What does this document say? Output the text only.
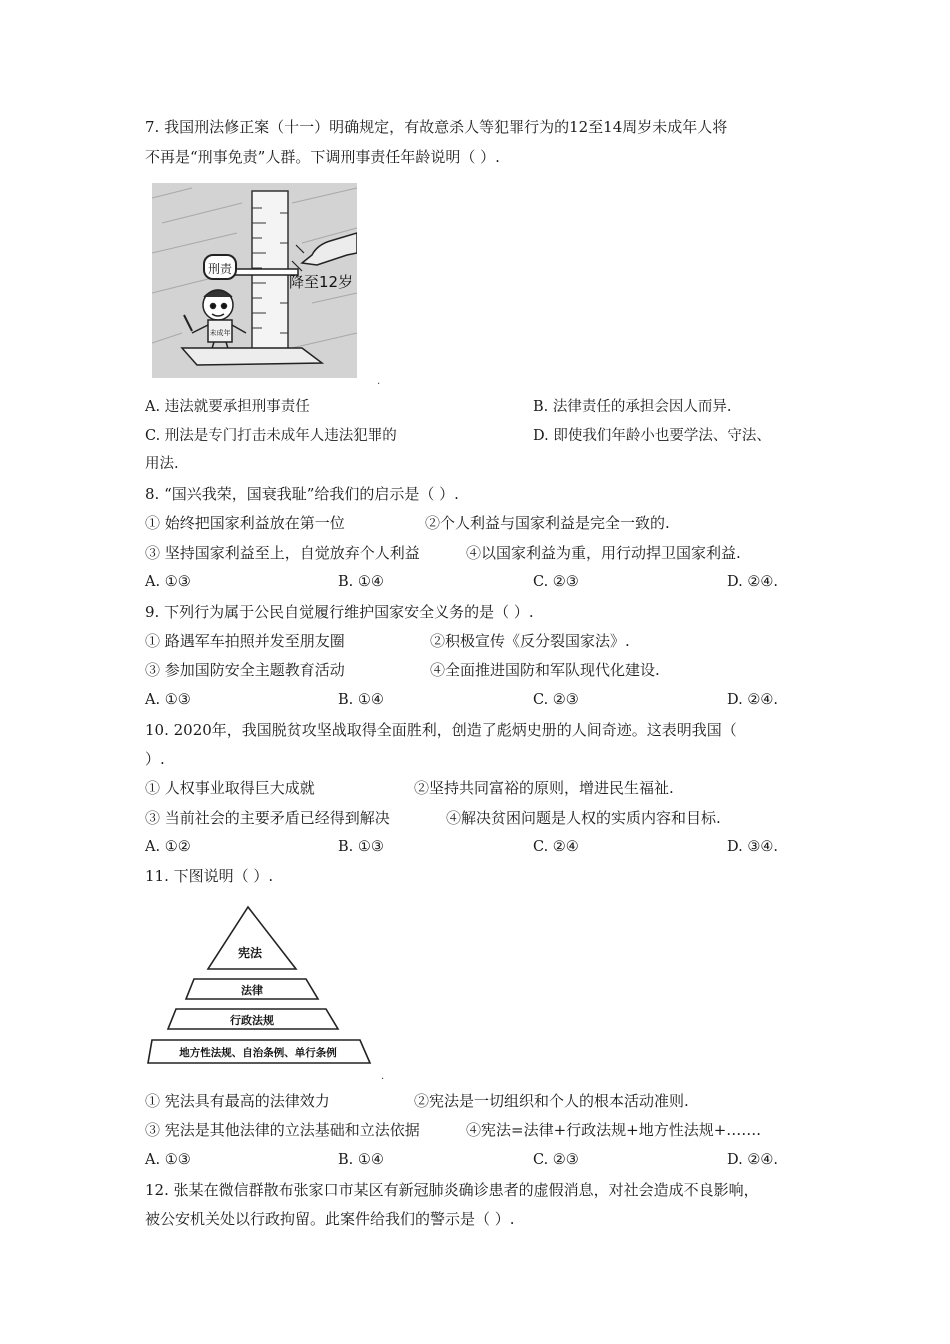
7. 我国刑法修正案（十一）明确规定，有故意杀人等犯罪行为的12至14周岁未成年人将
不再是“刑事免责”人群。下调刑事责任年龄说明（ ）.
刑责
降至12岁
未成年
.
A. 违法就要承担刑事责任	B. 法律责任的承担会因人而异.
C. 刑法是专门打击未成年人违法犯罪的	D. 即使我们年龄小也要学法、守法、
用法.
8. “国兴我荣，国衰我耻”给我们的启示是（ ）.
① 始终把国家利益放在第一位	②个人利益与国家利益是完全一致的.
③ 坚持国家利益至上，自觉放弃个人利益	④以国家利益为重，用行动捍卫国家利益.
A. ①③	B. ①④	C. ②③	D. ②④.
9. 下列行为属于公民自觉履行维护国家安全义务的是（ ）.
① 路遇军车拍照并发至朋友圈	②积极宣传《反分裂国家法》.
③ 参加国防安全主题教育活动	④全面推进国防和军队现代化建设.
A. ①③	B. ①④	C. ②③	D. ②④.
10. 2020年，我国脱贫攻坚战取得全面胜利，创造了彪炳史册的人间奇迹。这表明我国（
）.
① 人权事业取得巨大成就	②坚持共同富裕的原则，增进民生福祉.
③ 当前社会的主要矛盾已经得到解决	④解决贫困问题是人权的实质内容和目标.
A. ①②	B. ①③	C. ②④	D. ③④.
11. 下图说明（ ）.
宪法
法律
行政法规
地方性法规、自治条例、单行条例
.
① 宪法具有最高的法律效力	②宪法是一切组织和个人的根本活动准则.
③ 宪法是其他法律的立法基础和立法依据	④宪法=法律+行政法规+地方性法规+…….
A. ①③	B. ①④	C. ②③	D. ②④.
12. 张某在微信群散布张家口市某区有新冠肺炎确诊患者的虚假消息，对社会造成不良影响，
被公安机关处以行政拘留。此案件给我们的警示是（ ）.
